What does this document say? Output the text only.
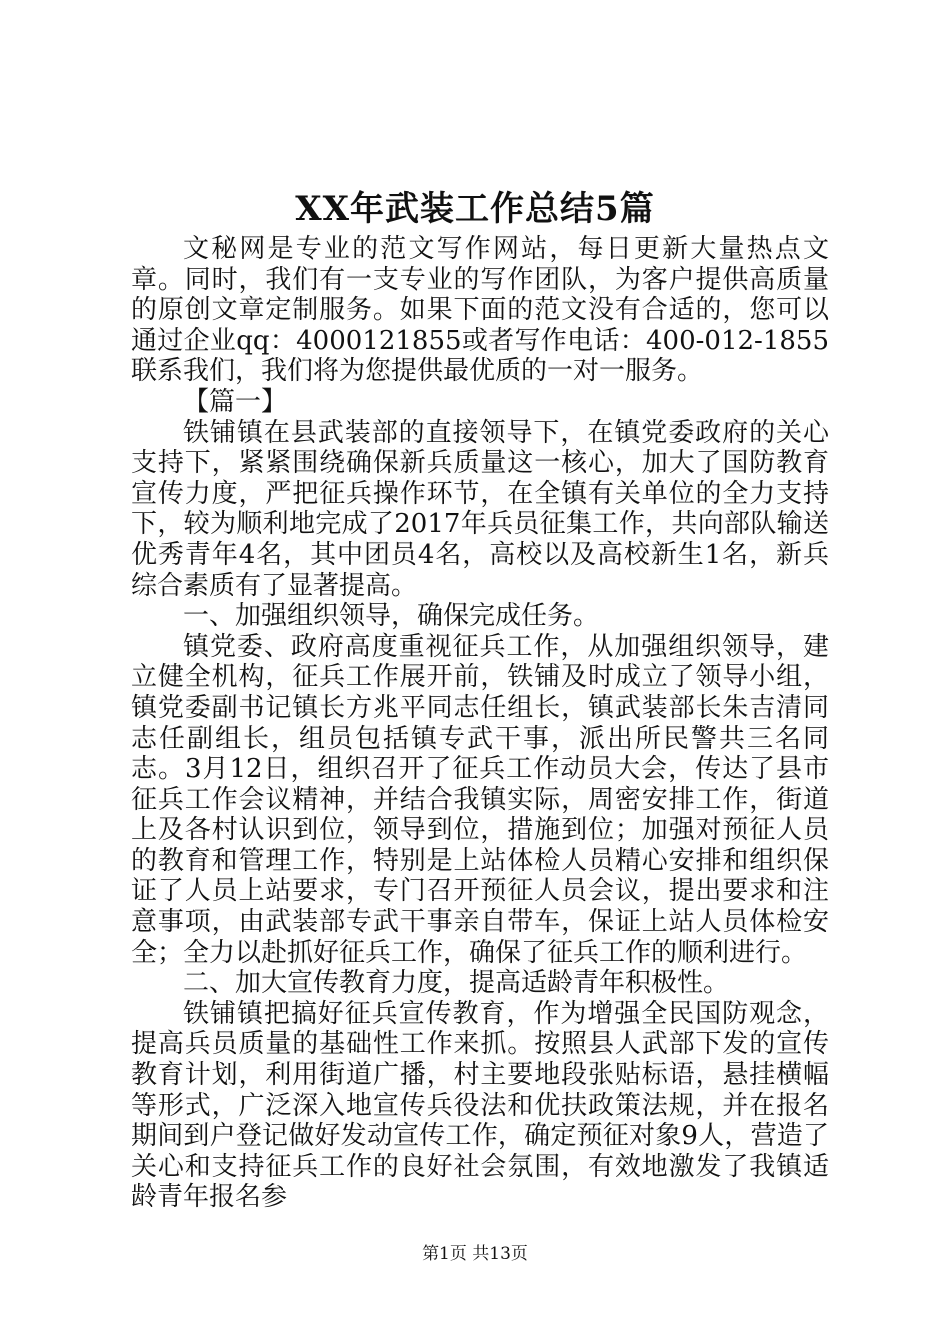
XX年武装工作总结5篇

文秘网是专业的范文写作网站，每日更新大量热点文章。同时，我们有一支专业的写作团队，为客户提供高质量的原创文章定制服务。如果下面的范文没有合适的，您可以通过企业qq：4000121855或者写作电话：400-012-1855联系我们，我们将为您提供最优质的一对一服务。

【篇一】

铁铺镇在县武装部的直接领导下，在镇党委政府的关心支持下，紧紧围绕确保新兵质量这一核心，加大了国防教育宣传力度，严把征兵操作环节，在全镇有关单位的全力支持下，较为顺利地完成了2017年兵员征集工作，共向部队输送优秀青年4名，其中团员4名，高校以及高校新生1名，新兵综合素质有了显著提高。

一、加强组织领导，确保完成任务。

镇党委、政府高度重视征兵工作，从加强组织领导，建立健全机构，征兵工作展开前，铁铺及时成立了领导小组，镇党委副书记镇长方兆平同志任组长，镇武装部长朱吉清同志任副组长，组员包括镇专武干事，派出所民警共三名同志。3月12日，组织召开了征兵工作动员大会，传达了县市征兵工作会议精神，并结合我镇实际，周密安排工作，街道上及各村认识到位，领导到位，措施到位；加强对预征人员的教育和管理工作，特别是上站体检人员精心安排和组织保证了人员上站要求，专门召开预征人员会议，提出要求和注意事项，由武装部专武干事亲自带车，保证上站人员体检安全；全力以赴抓好征兵工作，确保了征兵工作的顺利进行。

二、加大宣传教育力度，提高适龄青年积极性。

铁铺镇把搞好征兵宣传教育，作为增强全民国防观念，提高兵员质量的基础性工作来抓。按照县人武部下发的宣传教育计划，利用街道广播，村主要地段张贴标语，悬挂横幅等形式，广泛深入地宣传兵役法和优扶政策法规，并在报名期间到户登记做好发动宣传工作，确定预征对象9人，营造了关心和支持征兵工作的良好社会氛围，有效地激发了我镇适龄青年报名参

第1页 共13页
